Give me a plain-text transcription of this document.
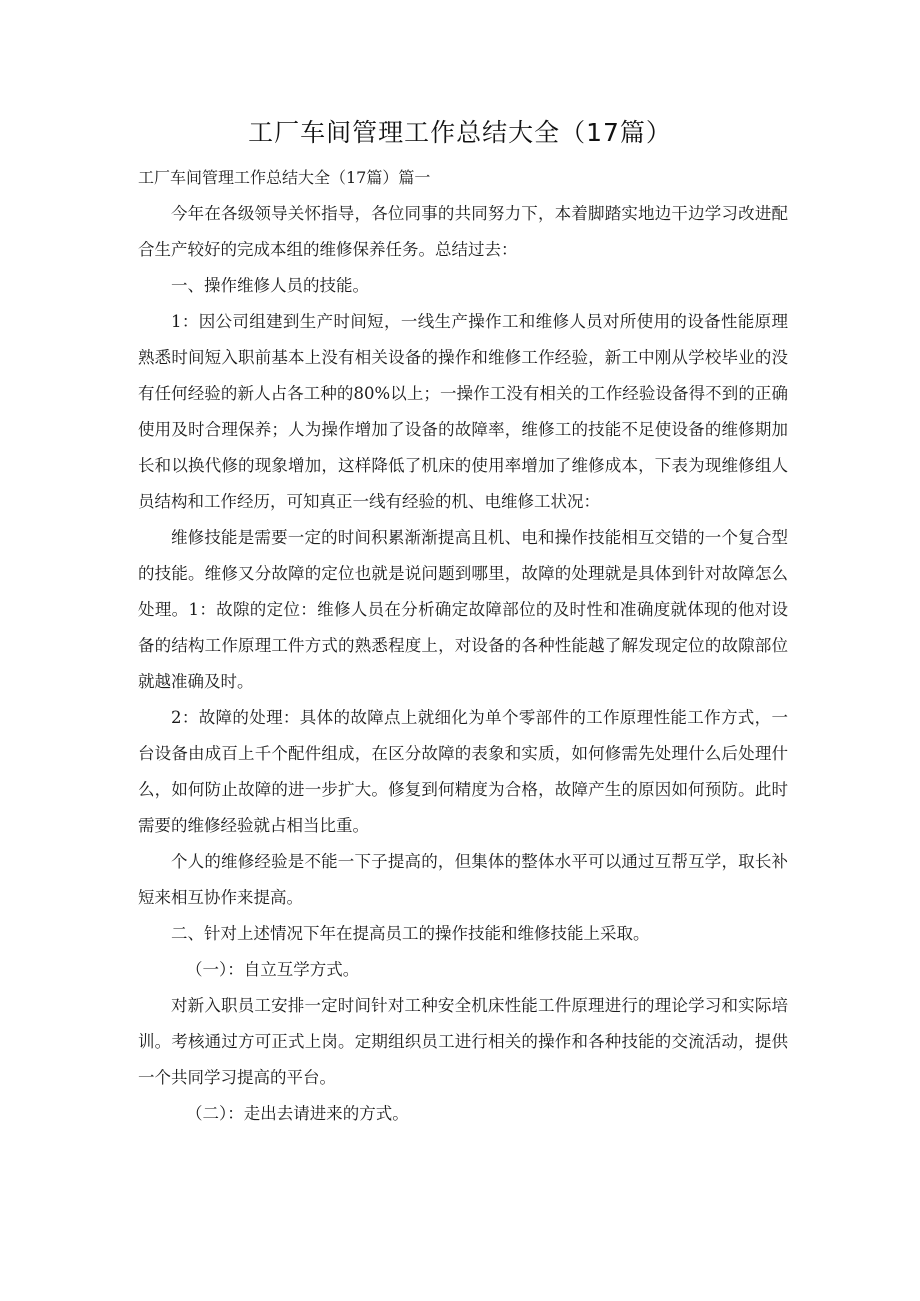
工厂车间管理工作总结大全（17篇）

工厂车间管理工作总结大全（17篇）篇一

今年在各级领导关怀指导，各位同事的共同努力下，本着脚踏实地边干边学习改进配合生产较好的完成本组的维修保养任务。总结过去：

一、操作维修人员的技能。

1：因公司组建到生产时间短，一线生产操作工和维修人员对所使用的设备性能原理熟悉时间短入职前基本上没有相关设备的操作和维修工作经验，新工中刚从学校毕业的没有任何经验的新人占各工种的80%以上；一操作工没有相关的工作经验设备得不到的正确使用及时合理保养；人为操作增加了设备的故障率，维修工的技能不足使设备的维修期加长和以换代修的现象增加，这样降低了机床的使用率增加了维修成本，下表为现维修组人员结构和工作经历，可知真正一线有经验的机、电维修工状况：

维修技能是需要一定的时间积累渐渐提高且机、电和操作技能相互交错的一个复合型的技能。维修又分故障的定位也就是说问题到哪里，故障的处理就是具体到针对故障怎么处理。1：故隙的定位：维修人员在分析确定故障部位的及时性和准确度就体现的他对设备的结构工作原理工件方式的熟悉程度上，对设备的各种性能越了解发现定位的故隙部位就越准确及时。

2：故障的处理：具体的故障点上就细化为单个零部件的工作原理性能工作方式，一台设备由成百上千个配件组成，在区分故障的表象和实质，如何修需先处理什么后处理什么，如何防止故障的进一步扩大。修复到何精度为合格，故障产生的原因如何预防。此时需要的维修经验就占相当比重。

个人的维修经验是不能一下子提高的，但集体的整体水平可以通过互帮互学，取长补短来相互协作来提高。

二、针对上述情况下年在提高员工的操作技能和维修技能上采取。

（一）：自立互学方式。

对新入职员工安排一定时间针对工种安全机床性能工件原理进行的理论学习和实际培训。考核通过方可正式上岗。定期组织员工进行相关的操作和各种技能的交流活动，提供一个共同学习提高的平台。

（二）：走出去请进来的方式。
